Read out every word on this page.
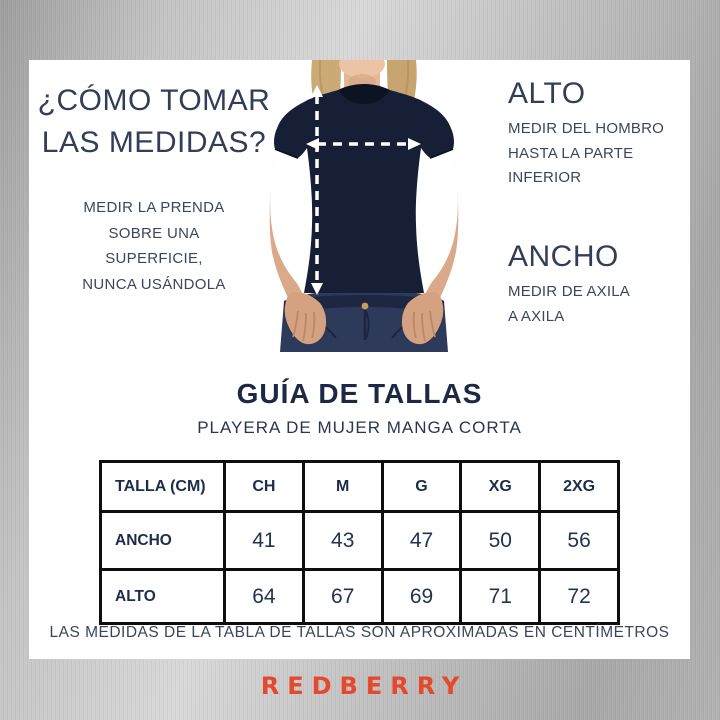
¿CÓMO TOMAR
LAS MEDIDAS?
MEDIR LA PRENDA
SOBRE UNA
SUPERFICIE,
NUNCA USÁNDOLA
ALTO
MEDIR DEL HOMBRO
HASTA LA PARTE
INFERIOR
ANCHO
MEDIR DE AXILA
A AXILA
GUÍA DE TALLAS
PLAYERA DE MUJER MANGA CORTA
TALLA (CM)	CH	M	G	XG	2XG
ANCHO	41	43	47	50	56
ALTO	64	67	69	71	72
LAS MEDIDAS DE LA TABLA DE TALLAS SON APROXIMADAS EN CENTÍMETROS
REDBERRY
